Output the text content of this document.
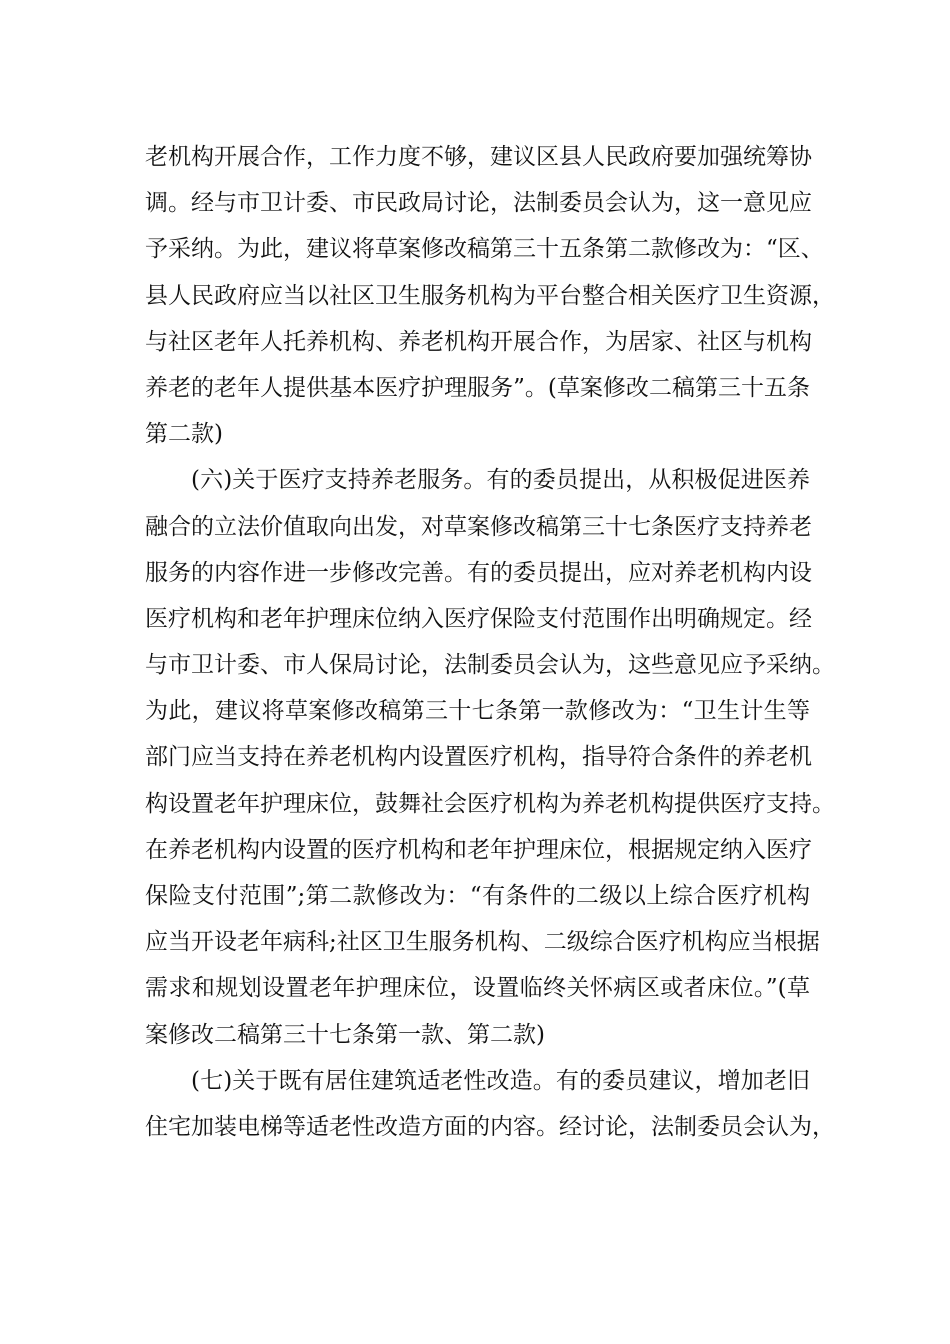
老机构开展合作，工作力度不够，建议区县人民政府要加强统筹协
调。经与市卫计委、市民政局讨论，法制委员会认为，这一意见应
予采纳。为此，建议将草案修改稿第三十五条第二款修改为：“区、
县人民政府应当以社区卫生服务机构为平台整合相关医疗卫生资源，
与社区老年人托养机构、养老机构开展合作，为居家、社区与机构
养老的老年人提供基本医疗护理服务”。(草案修改二稿第三十五条
第二款)
(六)关于医疗支持养老服务。有的委员提出，从积极促进医养
融合的立法价值取向出发，对草案修改稿第三十七条医疗支持养老
服务的内容作进一步修改完善。有的委员提出，应对养老机构内设
医疗机构和老年护理床位纳入医疗保险支付范围作出明确规定。经
与市卫计委、市人保局讨论，法制委员会认为，这些意见应予采纳。
为此，建议将草案修改稿第三十七条第一款修改为：“卫生计生等
部门应当支持在养老机构内设置医疗机构，指导符合条件的养老机
构设置老年护理床位，鼓舞社会医疗机构为养老机构提供医疗支持。
在养老机构内设置的医疗机构和老年护理床位，根据规定纳入医疗
保险支付范围”;第二款修改为：“有条件的二级以上综合医疗机构
应当开设老年病科;社区卫生服务机构、二级综合医疗机构应当根据
需求和规划设置老年护理床位，设置临终关怀病区或者床位。”(草
案修改二稿第三十七条第一款、第二款)
(七)关于既有居住建筑适老性改造。有的委员建议，增加老旧
住宅加装电梯等适老性改造方面的内容。经讨论，法制委员会认为，
